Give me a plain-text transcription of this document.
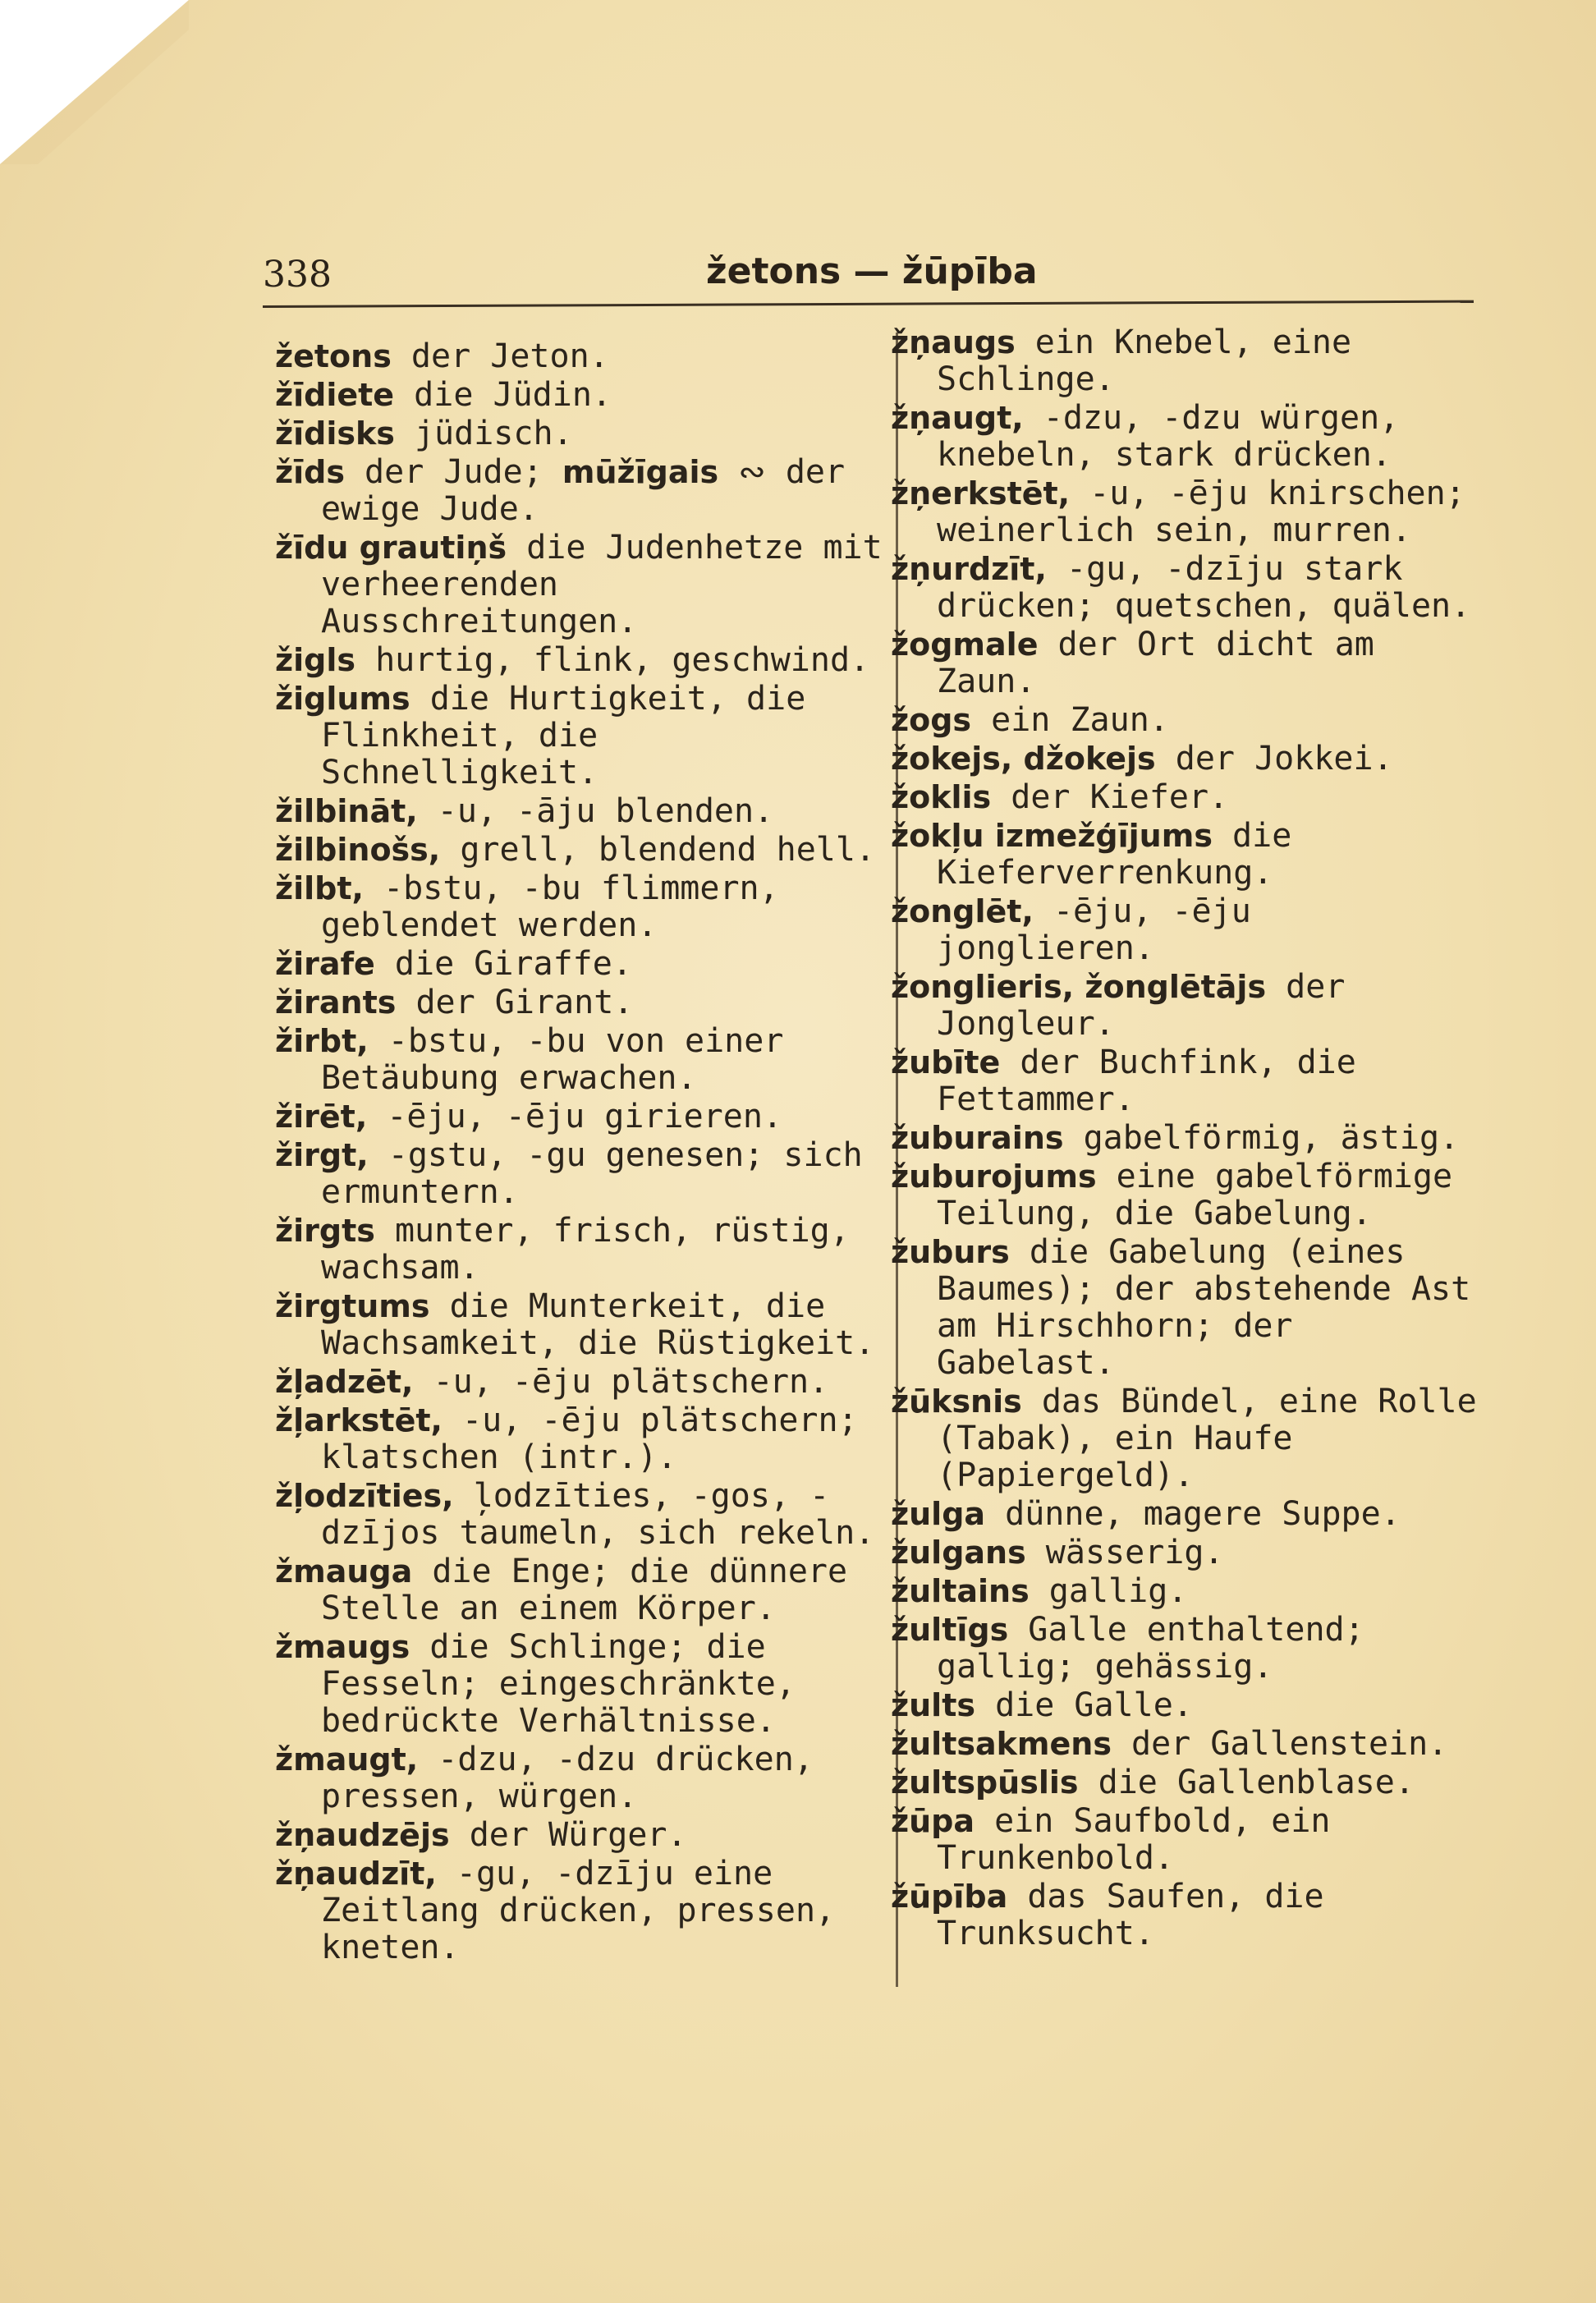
338	žetons — žūpība
žetons der Jeton.
žīdiete die Jüdin.
žīdisks jüdisch.
žīds der Jude; mūžīgais ∾ der ewige Jude.
žīdu grautiņš die Judenhetze mit verheerenden Ausschreitungen.
žigls hurtig, flink, geschwind.
žiglums die Hurtigkeit, die Flinkheit, die Schnelligkeit.
žilbināt, -u, -āju blenden.
žilbinošs, grell, blendend hell.
žilbt, -bstu, -bu flimmern, geblendet werden.
žirafe die Giraffe.
žirants der Girant.
žirbt, -bstu, -bu von einer Betäubung erwachen.
žirēt, -ēju, -ēju girieren.
žirgt, -gstu, -gu genesen; sich ermuntern.
žirgts munter, frisch, rüstig, wachsam.
žirgtums die Munterkeit, die Wachsamkeit, die Rüstigkeit.
žļadzēt, -u, -ēju plätschern.
žļarkstēt, -u, -ēju plätschern; klatschen (intr.).
žļodzīties, ļodzīties, -gos, -dzījos taumeln, sich rekeln.
žmauga die Enge; die dünnere Stelle an einem Körper.
žmaugs die Schlinge; die Fesseln; eingeschränkte, bedrückte Verhältnisse.
žmaugt, -dzu, -dzu drücken, pressen, würgen.
žņaudzējs der Würger.
žņaudzīt, -gu, -dzīju eine Zeitlang drücken, pressen, kneten.
žņaugs ein Knebel, eine Schlinge.
žņaugt, -dzu, -dzu würgen, knebeln, stark drücken.
žņerkstēt, -u, -ēju knirschen; weinerlich sein, murren.
žņurdzīt, -gu, -dzīju stark drücken; quetschen, quälen.
žogmale der Ort dicht am Zaun.
žogs ein Zaun.
žokejs, džokejs der Jokkei.
žoklis der Kiefer.
žokļu izmežģījums die Kieferverrenkung.
žonglēt, -ēju, -ēju jonglieren.
žonglieris, žonglētājs der Jongleur.
žubīte der Buchfink, die Fettammer.
žuburains gabelförmig, ästig.
žuburojums eine gabelförmige Teilung, die Gabelung.
žuburs die Gabelung (eines Baumes); der abstehende Ast am Hirschhorn; der Gabelast.
žūksnis das Bündel, eine Rolle (Tabak), ein Haufe (Papiergeld).
žulga dünne, magere Suppe.
žulgans wässerig.
žultains gallig.
žultīgs Galle enthaltend; gallig; gehässig.
žults die Galle.
žultsakmens der Gallenstein.
žultspūslis die Gallenblase.
žūpa ein Saufbold, ein Trunkenbold.
žūpība das Saufen, die Trunksucht.
